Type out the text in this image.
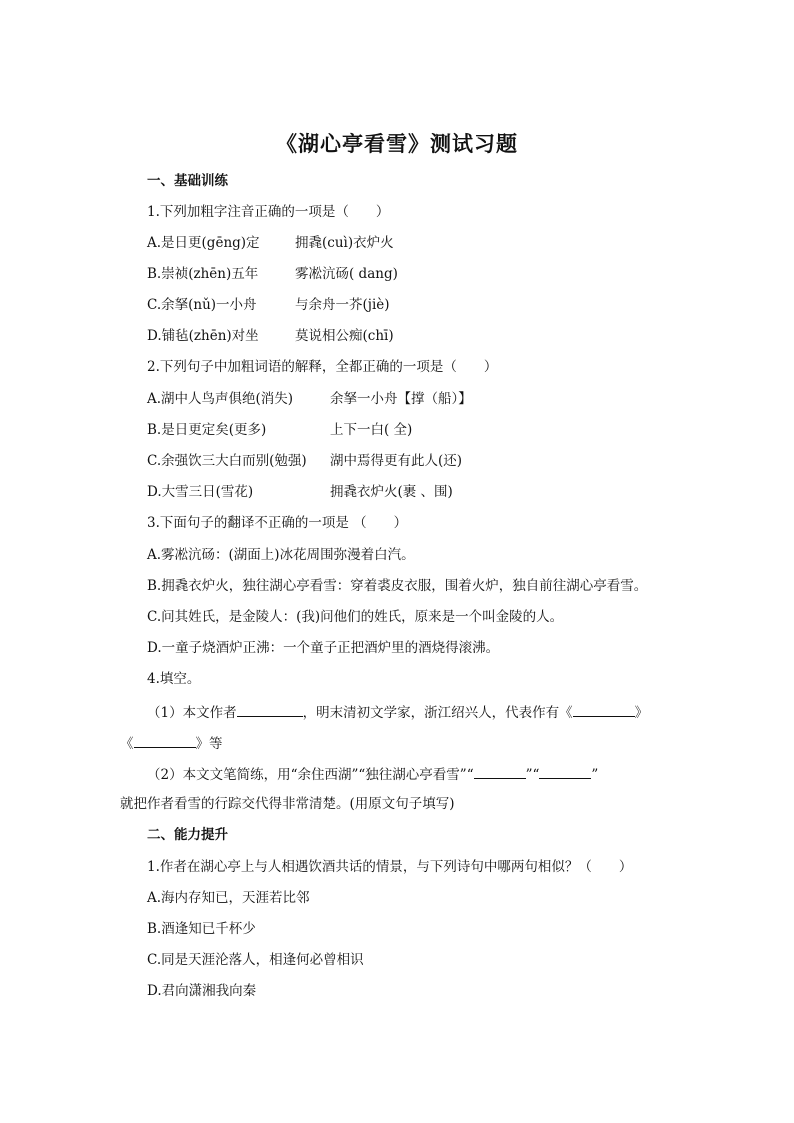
《湖心亭看雪》测试习题
一、基础训练
1.下列加粗字注音正确的一项是（　　）
A.是日更(gēng)定	拥毳(cuì)衣炉火
B.崇祯(zhēn)五年	雾凇沆砀( dang)
C.余拏(nǔ)一小舟	与余舟一芥(jiè)
D.铺毡(zhēn)对坐	莫说相公痴(chī)
2.下列句子中加粗词语的解释，全都正确的一项是（　　）
A.湖中人鸟声俱绝(消失)	余拏一小舟【撑（船）】
B.是日更定矣(更多)	上下一白( 全)
C.余强饮三大白而别(勉强) 湖中焉得更有此人(还)
D.大雪三日(雪花)	拥毳衣炉火(裹 、围)
3.下面句子的翻译不正确的一项是 （　　）
A.雾凇沆砀：(湖面上)冰花周围弥漫着白汽。
B.拥毳衣炉火，独往湖心亭看雪：穿着裘皮衣服，围着火炉，独自前往湖心亭看雪。
C.问其姓氏，是金陵人：(我)问他们的姓氏，原来是一个叫金陵的人。
D.一童子烧酒炉正沸：一个童子正把酒炉里的酒烧得滚沸。
4.填空。
（1）本文作者	，明末清初文学家，浙江绍兴人，代表作有《	》
《	》等
（2）本文文笔简练，用“余住西湖”“独往湖心亭看雪”“	”“	”
就把作者看雪的行踪交代得非常清楚。(用原文句子填写)
二、能力提升
1.作者在湖心亭上与人相遇饮酒共话的情景，与下列诗句中哪两句相似？（　　）
A.海内存知已，天涯若比邻
B.酒逢知已千杯少
C.同是天涯沦落人，相逢何必曾相识
D.君向潇湘我向秦
